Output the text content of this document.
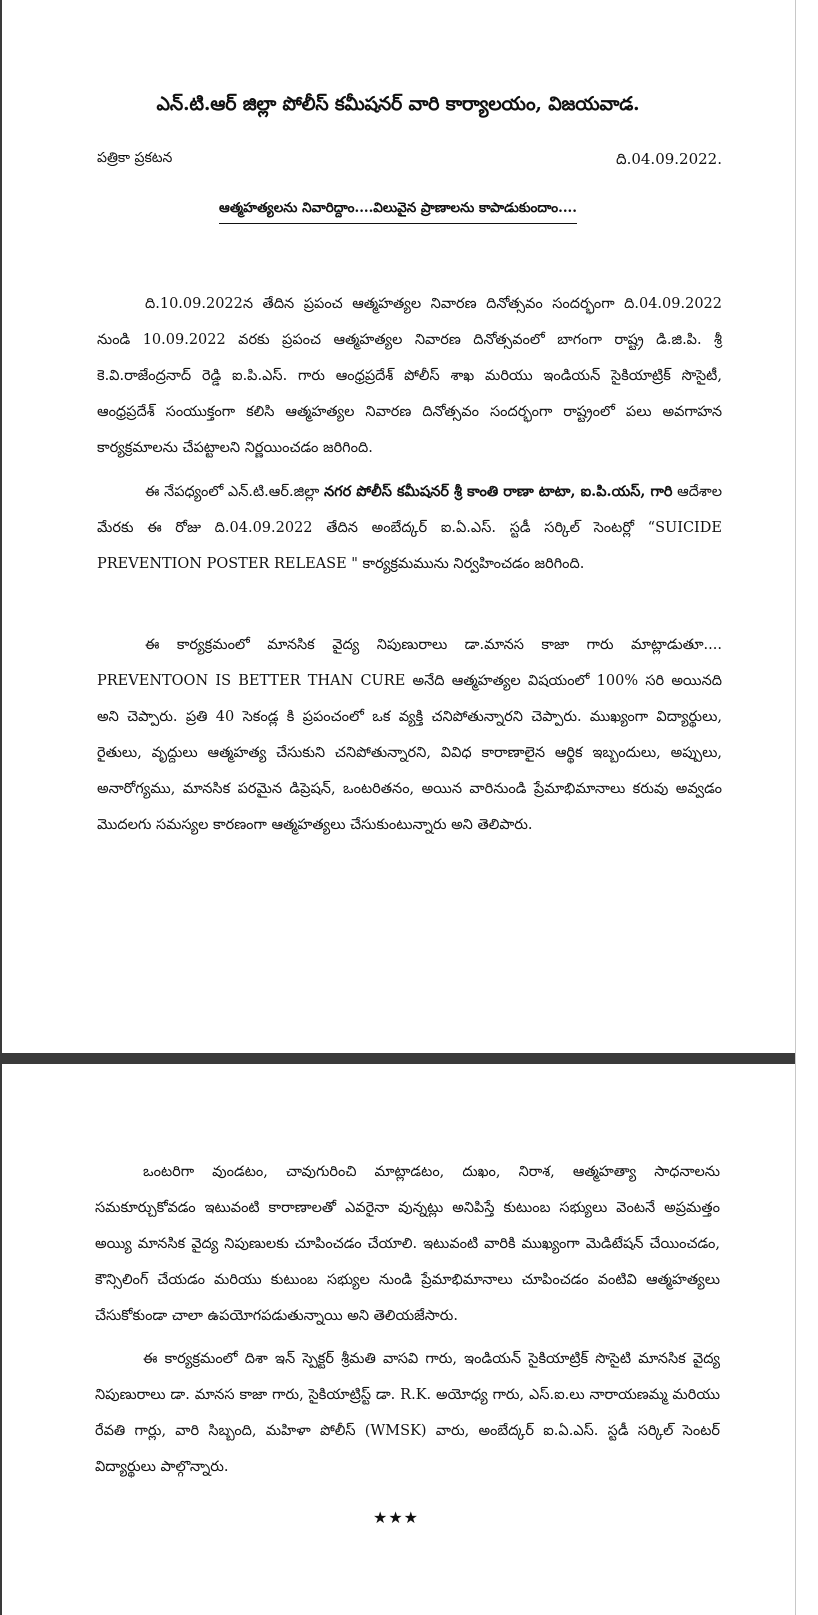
ఎన్.టి.ఆర్ జిల్లా పోలీస్ కమీషనర్ వారి కార్యాలయం, విజయవాడ.
పత్రికా ప్రకటన	ది.04.09.2022.
ఆత్మహత్యలను నివారిద్దాం....విలువైన ప్రాణాలను కాపాడుకుందాం....

ది.10.09.2022న తేదిన ప్రపంచ ఆత్మహత్యల నివారణ దినోత్సవం సందర్భంగా ది.04.09.2022 నుండి 10.09.2022 వరకు ప్రపంచ ఆత్మహత్యల నివారణ దినోత్సవంలో బాగంగా రాష్ట్ర డి.జి.పి. శ్రీ కె.వి.రాజేంద్రనాద్ రెడ్డి ఐ.పి.ఎస్. గారు ఆంధ్రప్రదేశ్ పోలీస్ శాఖ మరియు ఇండియన్ సైకియాట్రిక్ సొసైటీ, ఆంధ్రప్రదేశ్ సంయుక్తంగా కలిసి ఆత్మహత్యల నివారణ దినోత్సవం సందర్భంగా రాష్ట్రంలో పలు అవగాహన కార్యక్రమాలను చేపట్టాలని నిర్ణయించడం జరిగింది.

ఈ నేపధ్యంలో ఎన్.టి.ఆర్.జిల్లా నగర పోలీస్ కమీషనర్ శ్రీ కాంతి రాణా టాటా, ఐ.పి.యస్, గారి ఆదేశాల మేరకు ఈ రోజు ది.04.09.2022 తేదిన అంబేద్కర్ ఐ.ఏ.ఎస్. స్టడీ సర్కిల్ సెంటర్లో “SUICIDE PREVENTION POSTER RELEASE " కార్యక్రమమును నిర్వహించడం జరిగింది.

ఈ కార్యక్రమంలో మానసిక వైద్య నిపుణురాలు డా.మానస కాజా గారు మాట్లాడుతూ.... PREVENTOON IS BETTER THAN CURE అనేది ఆత్మహత్యల విషయంలో 100% సరి అయినది అని చెప్పారు. ప్రతి 40 సెకండ్ల కి ప్రపంచంలో ఒక వ్యక్తి చనిపోతున్నారని చెప్పారు. ముఖ్యంగా విద్యార్థులు, రైతులు, వృద్దులు ఆత్మహత్య చేసుకుని చనిపోతున్నారని, వివిధ కారాణాలైన ఆర్థిక ఇబ్బందులు, అప్పులు, అనారోగ్యము, మానసిక పరమైన డిప్రెషన్, ఒంటరితనం, అయిన వారినుండి ప్రేమాభిమానాలు కరువు అవ్వడం మొదలగు సమస్యల కారణంగా ఆత్మహత్యలు చేసుకుంటున్నారు అని తెలిపారు.

ఒంటరిగా వుండటం, చావుగురించి మాట్లాడటం, దుఖం, నిరాశ, ఆత్మహత్యా సాధనాలను సమకూర్చుకోవడం ఇటువంటి కారాణాలతో ఎవరైనా వున్నట్లు అనిపిస్తే కుటుంబ సభ్యులు వెంటనే అప్రమత్తం అయ్యి మానసిక వైద్య నిపుణులకు చూపించడం చేయాలి. ఇటువంటి వారికి ముఖ్యంగా మెడిటేషన్ చేయించడం, కౌన్సిలింగ్ చేయడం మరియు కుటుంబ సభ్యుల నుండి ప్రేమాభిమానాలు చూపించడం వంటివి ఆత్మహత్యలు చేసుకోకుండా చాలా ఉపయోగపడుతున్నాయి అని తెలియజేసారు.

ఈ కార్యక్రమంలో దిశా ఇన్ స్పెక్టర్ శ్రీమతి వాసవి గారు, ఇండియన్ సైకియాట్రిక్ సొసైటి మానసిక వైద్య నిపుణురాలు డా. మానస కాజా గారు, సైకియాట్రిస్ట్ డా. R.K. అయోధ్య గారు, ఎస్.ఐ.లు నారాయణమ్మ మరియు రేవతి గార్లు, వారి సిబ్బంది, మహిళా పోలీస్ (WMSK) వారు, అంబేద్కర్ ఐ.ఏ.ఎస్. స్టడీ సర్కిల్ సెంటర్ విద్యార్థులు పాల్గొన్నారు.

★★★
